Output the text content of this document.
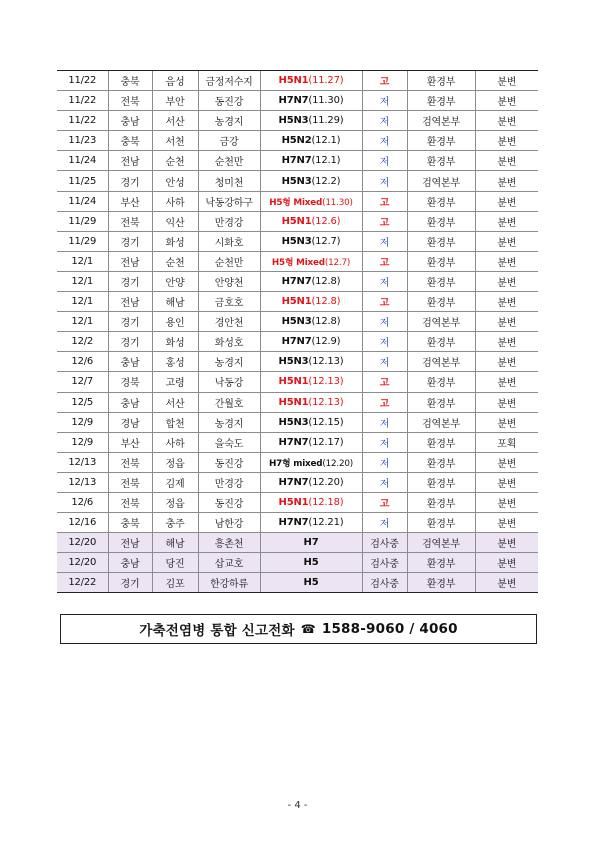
11/22	충북	음성	금정저수지	H5N1(11.27)	고	환경부	분변
11/22	전북	부안	동진강	H7N7(11.30)	저	환경부	분변
11/22	충남	서산	농경지	H5N3(11.29)	저	검역본부	분변
11/23	충북	서천	금강	H5N2(12.1)	저	환경부	분변
11/24	전남	순천	순천만	H7N7(12.1)	저	환경부	분변
11/25	경기	안성	청미천	H5N3(12.2)	저	검역본부	분변
11/24	부산	사하	낙동강하구	H5형 Mixed(11.30)	고	환경부	분변
11/29	전북	익산	만경강	H5N1(12.6)	고	환경부	분변
11/29	경기	화성	시화호	H5N3(12.7)	저	환경부	분변
12/1	전남	순천	순천만	H5형 Mixed(12.7)	고	환경부	분변
12/1	경기	안양	안양천	H7N7(12.8)	저	환경부	분변
12/1	전남	해남	금호호	H5N1(12.8)	고	환경부	분변
12/1	경기	용인	경안천	H5N3(12.8)	저	검역본부	분변
12/2	경기	화성	화성호	H7N7(12.9)	저	환경부	분변
12/6	충남	홍성	농경지	H5N3(12.13)	저	검역본부	분변
12/7	경북	고령	낙동강	H5N1(12.13)	고	환경부	분변
12/5	충남	서산	간월호	H5N1(12.13)	고	환경부	분변
12/9	경남	합천	농경지	H5N3(12.15)	저	검역본부	분변
12/9	부산	사하	을숙도	H7N7(12.17)	저	환경부	포획
12/13	전북	정읍	동진강	H7형 mixed(12.20)	저	환경부	분변
12/13	전북	김제	만경강	H7N7(12.20)	저	환경부	분변
12/6	전북	정읍	동진강	H5N1(12.18)	고	환경부	분변
12/16	충북	충주	남한강	H7N7(12.21)	저	환경부	분변
12/20	전남	해남	흥촌천	H7	검사중	검역본부	분변
12/20	충남	당진	삽교호	H5	검사중	환경부	분변
12/22	경기	김포	한강하류	H5	검사중	환경부	분변
가축전염병 통합 신고전화 ☎ 1588-9060 / 4060
- 4 -
